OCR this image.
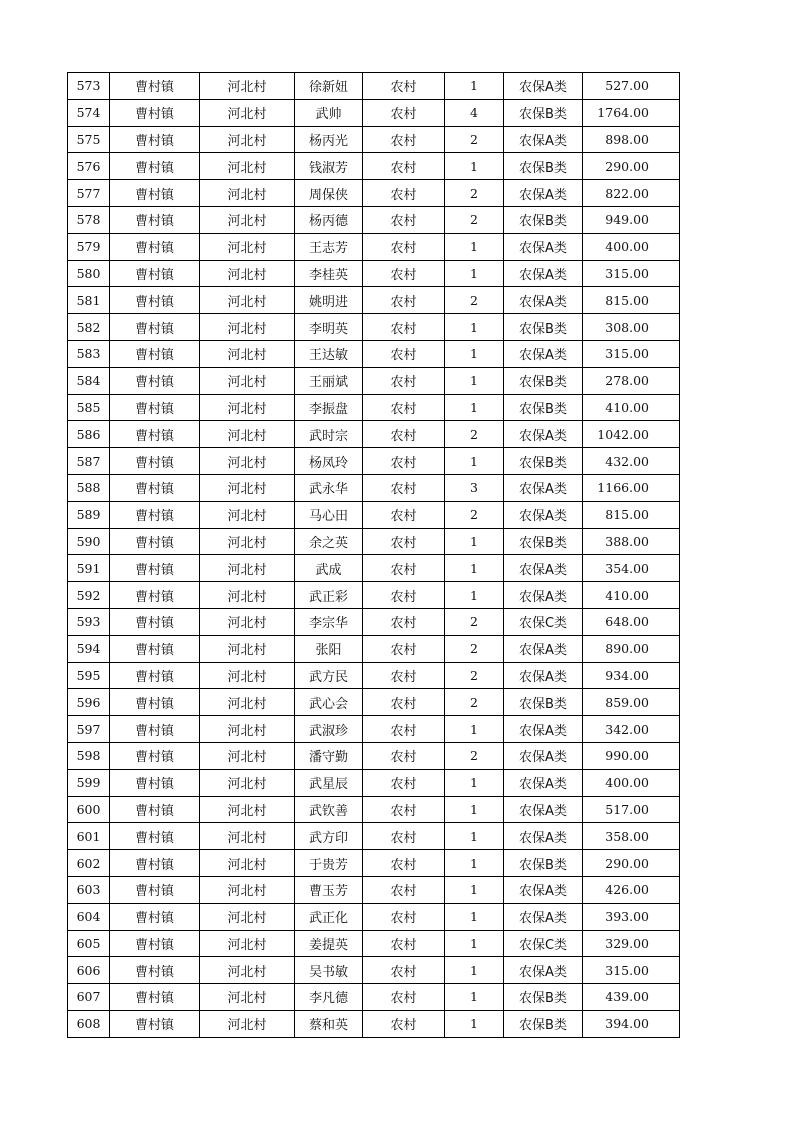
573	曹村镇	河北村	徐新妞	农村	1	农保A类	527.00
574	曹村镇	河北村	武帅	农村	4	农保B类	1764.00
575	曹村镇	河北村	杨丙光	农村	2	农保A类	898.00
576	曹村镇	河北村	钱淑芳	农村	1	农保B类	290.00
577	曹村镇	河北村	周保侠	农村	2	农保A类	822.00
578	曹村镇	河北村	杨丙德	农村	2	农保B类	949.00
579	曹村镇	河北村	王志芳	农村	1	农保A类	400.00
580	曹村镇	河北村	李桂英	农村	1	农保A类	315.00
581	曹村镇	河北村	姚明进	农村	2	农保A类	815.00
582	曹村镇	河北村	李明英	农村	1	农保B类	308.00
583	曹村镇	河北村	王达敏	农村	1	农保A类	315.00
584	曹村镇	河北村	王丽斌	农村	1	农保B类	278.00
585	曹村镇	河北村	李振盘	农村	1	农保B类	410.00
586	曹村镇	河北村	武时宗	农村	2	农保A类	1042.00
587	曹村镇	河北村	杨凤玲	农村	1	农保B类	432.00
588	曹村镇	河北村	武永华	农村	3	农保A类	1166.00
589	曹村镇	河北村	马心田	农村	2	农保A类	815.00
590	曹村镇	河北村	余之英	农村	1	农保B类	388.00
591	曹村镇	河北村	武成	农村	1	农保A类	354.00
592	曹村镇	河北村	武正彩	农村	1	农保A类	410.00
593	曹村镇	河北村	李宗华	农村	2	农保C类	648.00
594	曹村镇	河北村	张阳	农村	2	农保A类	890.00
595	曹村镇	河北村	武方民	农村	2	农保A类	934.00
596	曹村镇	河北村	武心会	农村	2	农保B类	859.00
597	曹村镇	河北村	武淑珍	农村	1	农保A类	342.00
598	曹村镇	河北村	潘守勤	农村	2	农保A类	990.00
599	曹村镇	河北村	武星辰	农村	1	农保A类	400.00
600	曹村镇	河北村	武钦善	农村	1	农保A类	517.00
601	曹村镇	河北村	武方印	农村	1	农保A类	358.00
602	曹村镇	河北村	于贵芳	农村	1	农保B类	290.00
603	曹村镇	河北村	曹玉芳	农村	1	农保A类	426.00
604	曹村镇	河北村	武正化	农村	1	农保A类	393.00
605	曹村镇	河北村	姜提英	农村	1	农保C类	329.00
606	曹村镇	河北村	吴书敏	农村	1	农保A类	315.00
607	曹村镇	河北村	李凡德	农村	1	农保B类	439.00
608	曹村镇	河北村	蔡和英	农村	1	农保B类	394.00
